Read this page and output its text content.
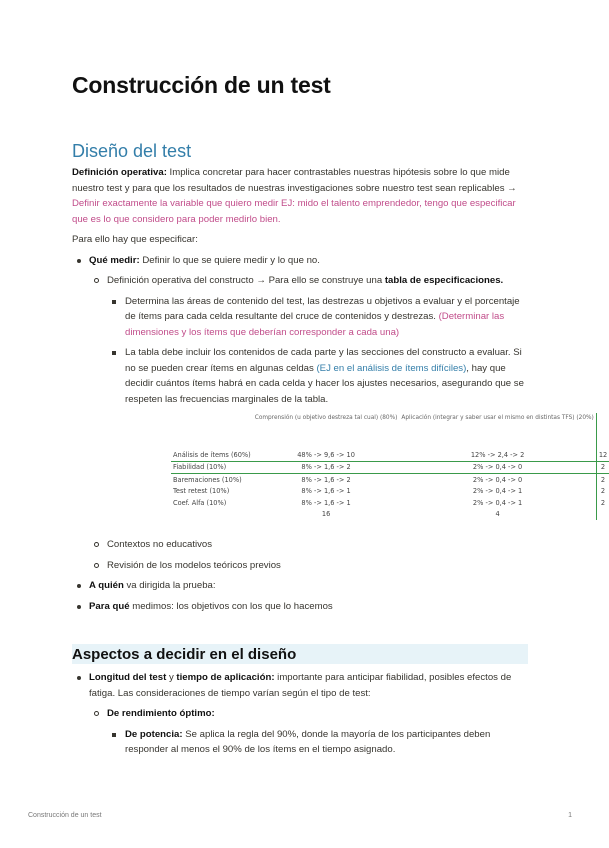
Construcción de un test
Diseño del test

Definición operativa: Implica concretar para hacer contrastables nuestras hipótesis sobre lo que mide nuestro test y para que los resultados de nuestras investigaciones sobre nuestro test sean replicables → Definir exactamente la variable que quiero medir EJ: mido el talento emprendedor, tengo que especificar que es lo que considero para poder medirlo bien.

Para ello hay que especificar:

Qué medir: Definir lo que se quiere medir y lo que no.
Definición operativa del constructo → Para ello se construye una tabla de especificaciones.
Determina las áreas de contenido del test, las destrezas u objetivos a evaluar y el porcentaje de ítems para cada celda resultante del cruce de contenidos y destrezas. (Determinar las dimensiones y los ítems que deberían corresponder a cada una)
La tabla debe incluir los contenidos de cada parte y las secciones del constructo a evaluar. Si no se pueden crear ítems en algunas celdas (EJ en el análisis de ítems difíciles), hay que decidir cuántos ítems habrá en cada celda y hacer los ajustes necesarios, asegurando que se respeten las frecuencias marginales de la tabla.
	Comprensión (u objetivo destreza tal cual) (80%)	Aplicación (integrar y saber usar el mismo en distintas TFS) (20%)	
Análisis de ítems (60%)	48% -> 9,6 -> 10	12% -> 2,4 -> 2	12
Fiabilidad (10%)	8% -> 1,6 -> 2	2% -> 0,4 -> 0	2
Baremaciones (10%)	8% -> 1,6 -> 2	2% -> 0,4 -> 0	2
Test retest (10%)	8% -> 1,6 -> 1	2% -> 0,4 -> 1	2
Coef. Alfa (10%)	8% -> 1,6 -> 1	2% -> 0,4 -> 1	2
	16	4	
Contextos no educativos
Revisión de los modelos teóricos previos
A quién va dirigida la prueba:
Para qué medimos: los objetivos con los que lo hacemos
Aspectos a decidir en el diseño
Longitud del test y tiempo de aplicación: importante para anticipar fiabilidad, posibles efectos de fatiga. Las consideraciones de tiempo varían según el tipo de test:
De rendimiento óptimo:
De potencia: Se aplica la regla del 90%, donde la mayoría de los participantes deben responder al menos el 90% de los ítems en el tiempo asignado.
Construcción de un test	1
